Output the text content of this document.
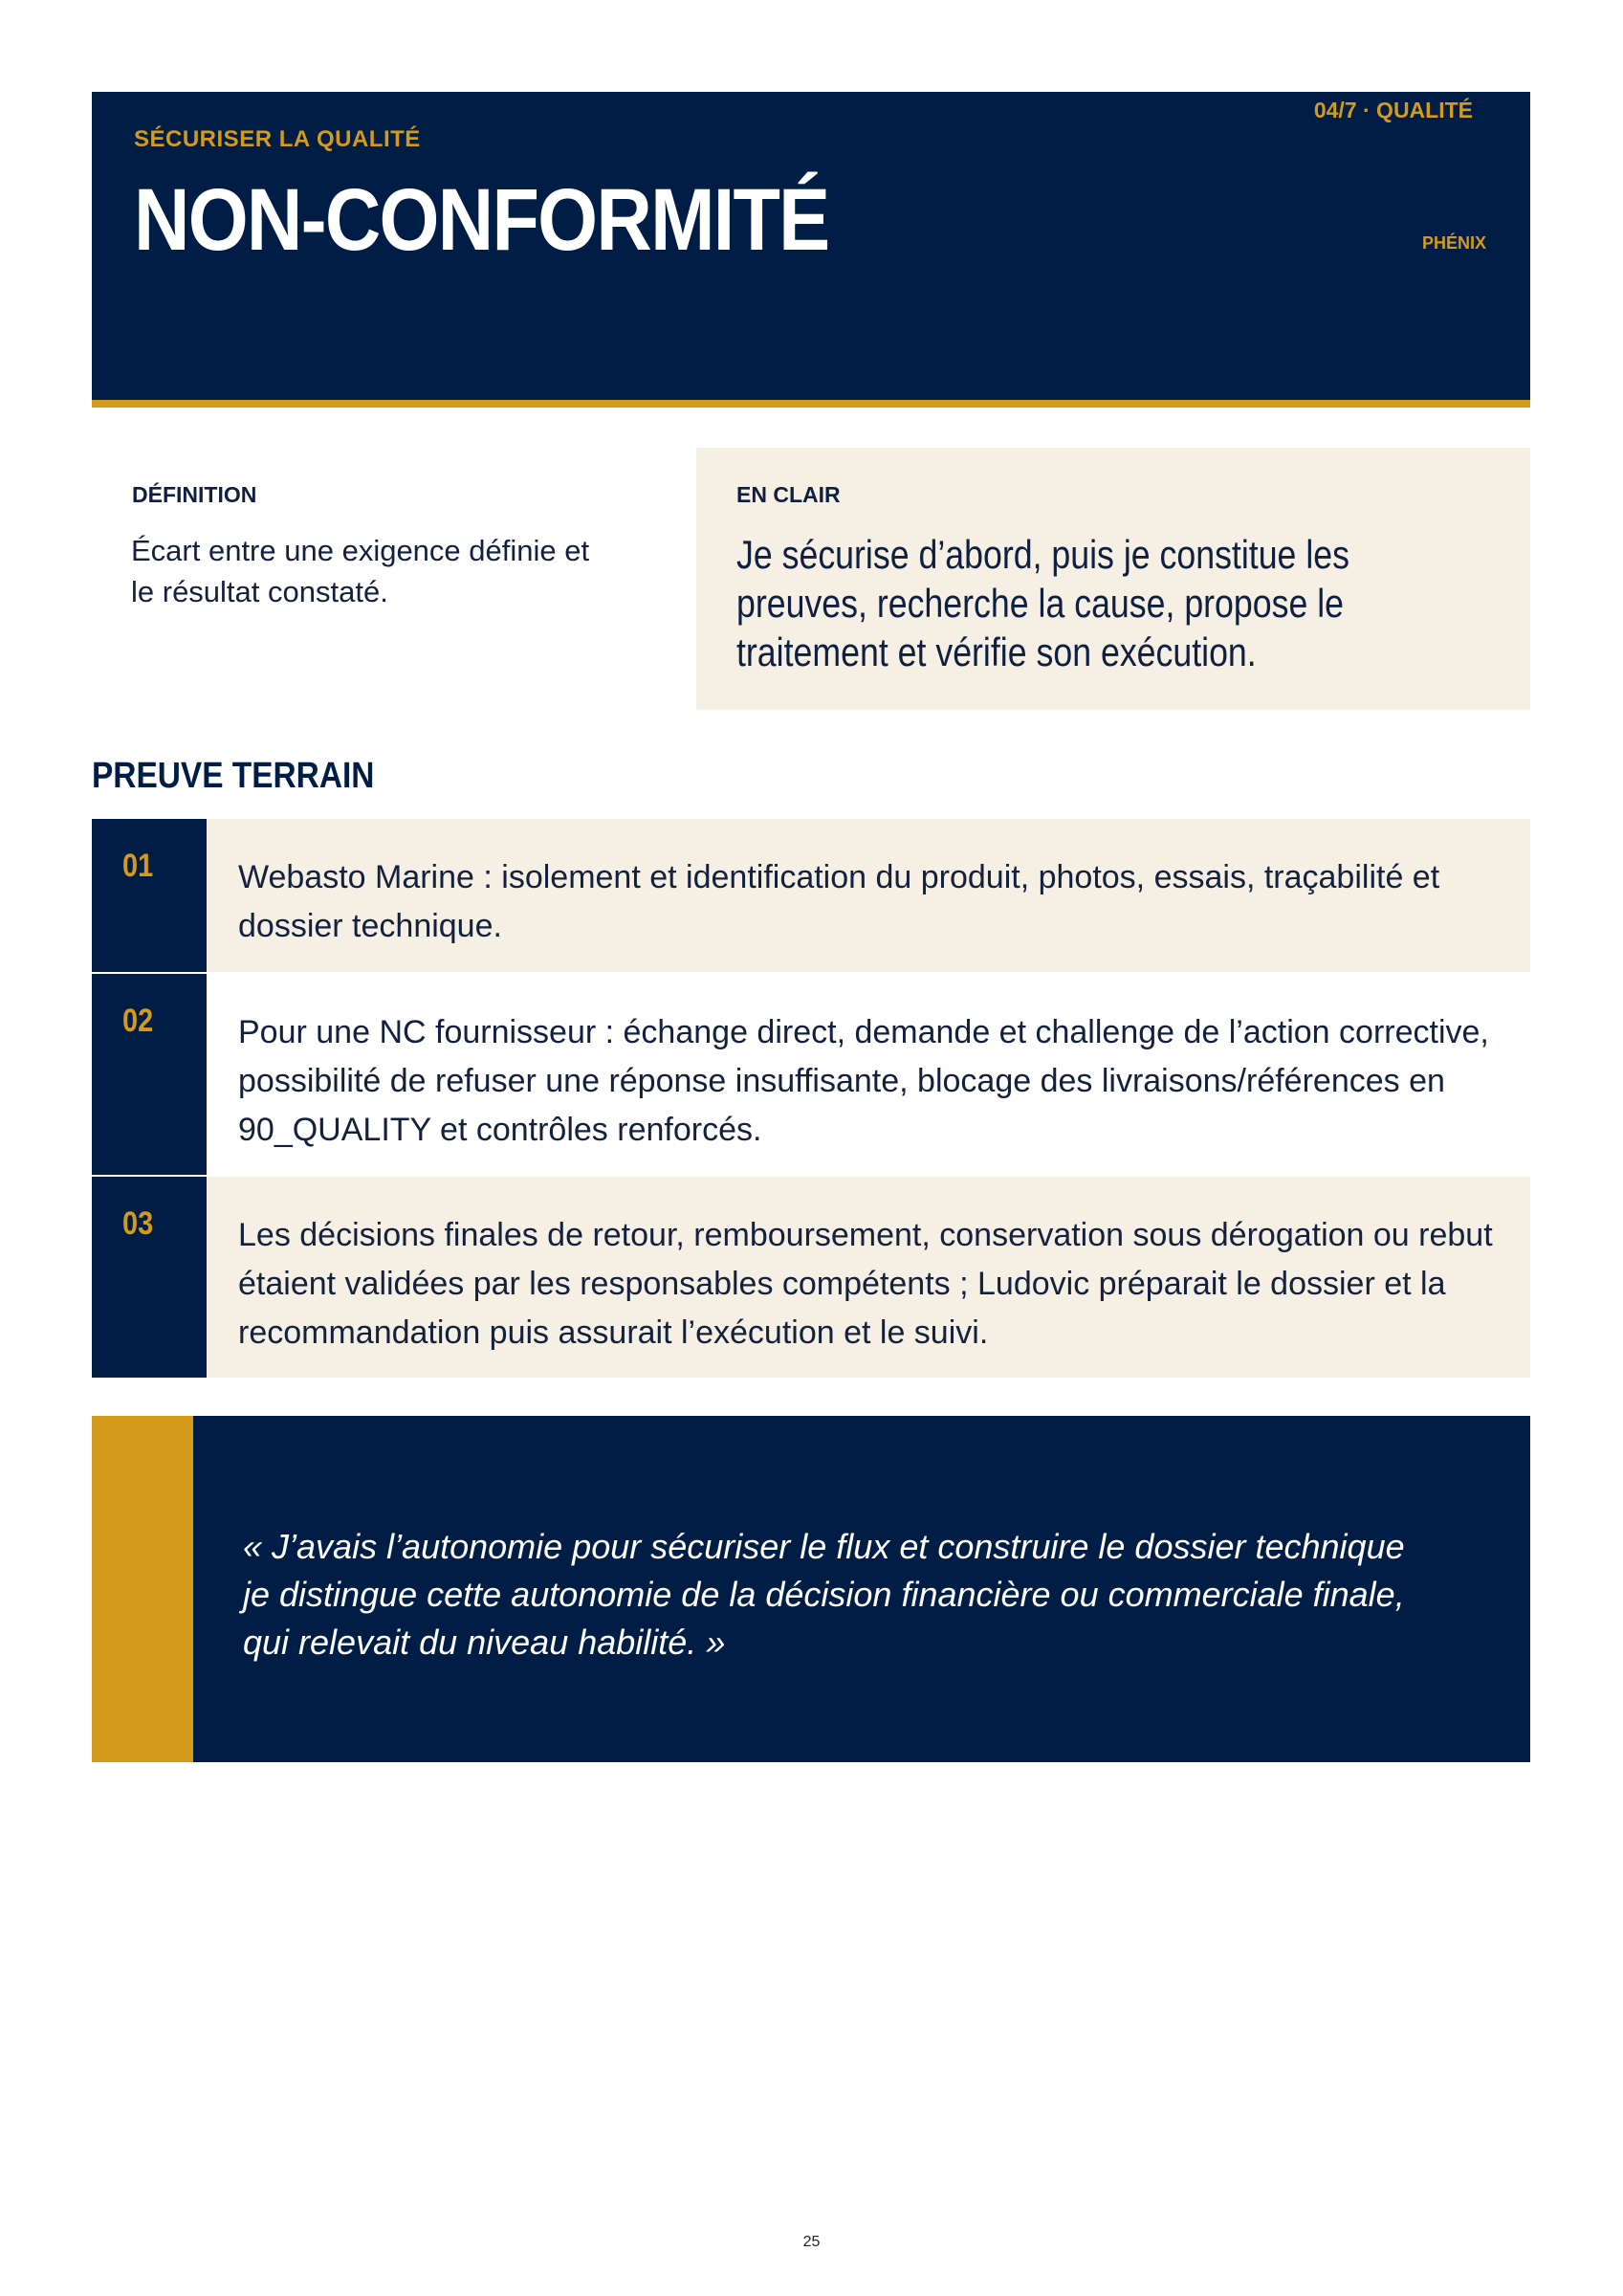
SÉCURISER LA QUALITÉ
NON-CONFORMITÉ
04/7 · QUALITÉ
PHÉNIX
DÉFINITION
Écart entre une exigence définie et le résultat constaté.
EN CLAIR
Je sécurise d’abord, puis je constitue les preuves, recherche la cause, propose le traitement et vérifie son exécution.
PREUVE TERRAIN
01	Webasto Marine : isolement et identification du produit, photos, essais, traçabilité et dossier technique.
02	Pour une NC fournisseur : échange direct, demande et challenge de l’action corrective, possibilité de refuser une réponse insuffisante, blocage des livraisons/références en 90_QUALITY et contrôles renforcés.
03	Les décisions finales de retour, remboursement, conservation sous dérogation ou rebut étaient validées par les responsables compétents ; Ludovic préparait le dossier et la recommandation puis assurait l’exécution et le suivi.
« J’avais l’autonomie pour sécuriser le flux et construire le dossier technique
je distingue cette autonomie de la décision financière ou commerciale finale,
qui relevait du niveau habilité. »
25
